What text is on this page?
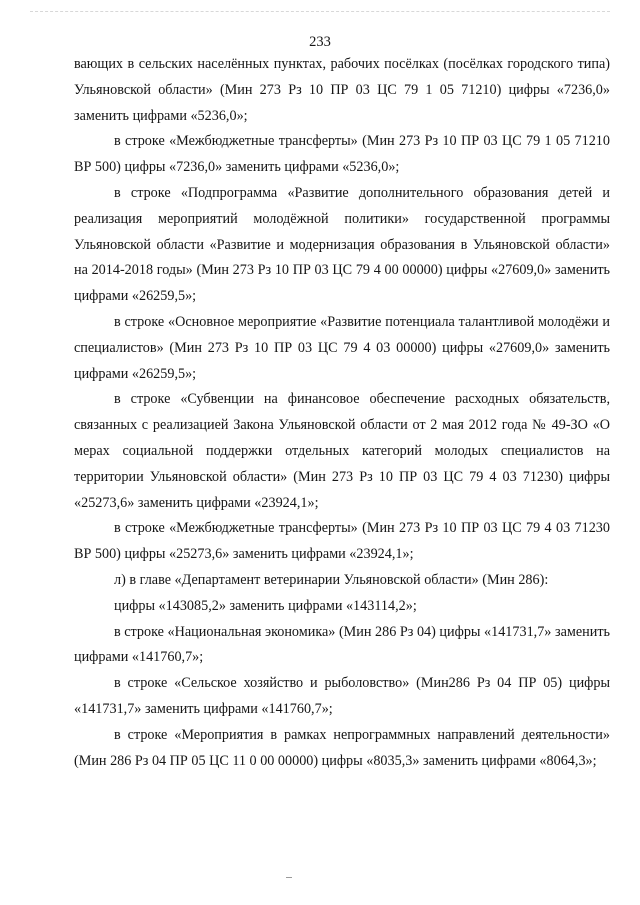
233

вающих в сельских населённых пунктах, рабочих посёлках (посёлках городского типа) Ульяновской области» (Мин 273 Рз 10 ПР 03 ЦС 79 1 05 71210) цифры «7236,0» заменить цифрами «5236,0»;

в строке «Межбюджетные трансферты» (Мин 273 Рз 10 ПР 03 ЦС 79 1 05 71210 ВР 500) цифры «7236,0» заменить цифрами «5236,0»;

в строке «Подпрограмма «Развитие дополнительного образования детей и реализация мероприятий молодёжной политики» государственной программы Ульяновской области «Развитие и модернизация образования в Ульяновской области» на 2014-2018 годы» (Мин 273 Рз 10 ПР 03 ЦС 79 4 00 00000) цифры «27609,0» заменить цифрами «26259,5»;

в строке «Основное мероприятие «Развитие потенциала талантливой молодёжи и специалистов» (Мин 273 Рз 10 ПР 03 ЦС 79 4 03 00000) цифры «27609,0» заменить цифрами «26259,5»;

в строке «Субвенции на финансовое обеспечение расходных обязательств, связанных с реализацией Закона Ульяновской области от 2 мая 2012 года № 49-ЗО «О мерах социальной поддержки отдельных категорий молодых специалистов на территории Ульяновской области» (Мин 273 Рз 10 ПР 03 ЦС 79 4 03 71230) цифры «25273,6» заменить цифрами «23924,1»;

в строке «Межбюджетные трансферты» (Мин 273 Рз 10 ПР 03 ЦС 79 4 03 71230 ВР 500) цифры «25273,6» заменить цифрами «23924,1»;

л) в главе «Департамент ветеринарии Ульяновской области» (Мин 286):

цифры «143085,2» заменить цифрами «143114,2»;

в строке «Национальная экономика» (Мин 286 Рз 04) цифры «141731,7» заменить цифрами «141760,7»;

в строке «Сельское хозяйство и рыболовство» (Мин286 Рз 04 ПР 05) цифры «141731,7» заменить цифрами «141760,7»;

в строке «Мероприятия в рамках непрограммных направлений деятельности» (Мин 286 Рз 04 ПР 05 ЦС 11 0 00 00000) цифры «8035,3» заменить цифрами «8064,3»;
